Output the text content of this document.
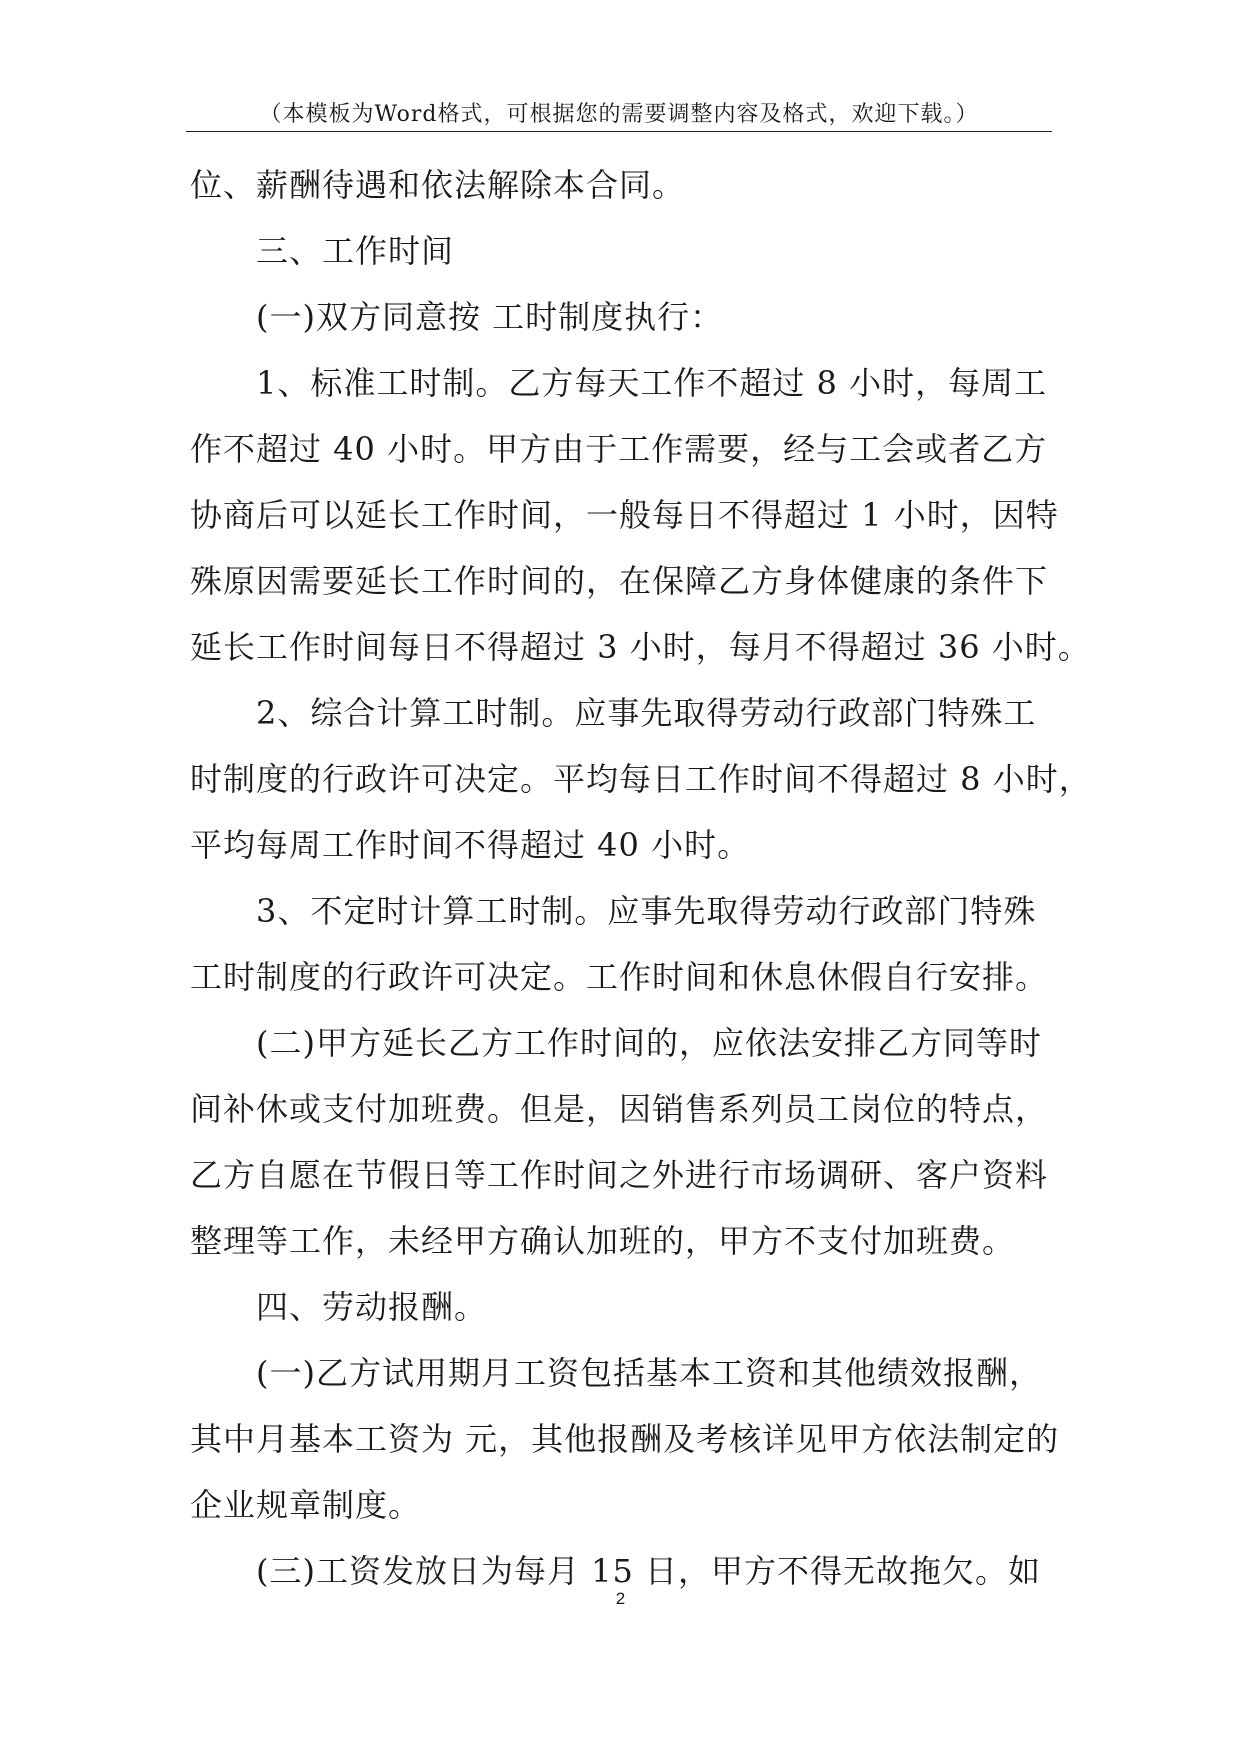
（本模板为Word格式，可根据您的需要调整内容及格式，欢迎下载。）
位、薪酬待遇和依法解除本合同。
三、工作时间
(一)双方同意按 工时制度执行：
1、标准工时制。乙方每天工作不超过 8 小时，每周工
作不超过 40 小时。甲方由于工作需要，经与工会或者乙方
协商后可以延长工作时间，一般每日不得超过 1 小时，因特
殊原因需要延长工作时间的，在保障乙方身体健康的条件下
延长工作时间每日不得超过 3 小时，每月不得超过 36 小时。
2、综合计算工时制。应事先取得劳动行政部门特殊工
时制度的行政许可决定。平均每日工作时间不得超过 8 小时，
平均每周工作时间不得超过 40 小时。
3、不定时计算工时制。应事先取得劳动行政部门特殊
工时制度的行政许可决定。工作时间和休息休假自行安排。
(二)甲方延长乙方工作时间的，应依法安排乙方同等时
间补休或支付加班费。但是，因销售系列员工岗位的特点，
乙方自愿在节假日等工作时间之外进行市场调研、客户资料
整理等工作，未经甲方确认加班的，甲方不支付加班费。
四、劳动报酬。
(一)乙方试用期月工资包括基本工资和其他绩效报酬，
其中月基本工资为 元，其他报酬及考核详见甲方依法制定的
企业规章制度。
(三)工资发放日为每月 15 日，甲方不得无故拖欠。如
2
